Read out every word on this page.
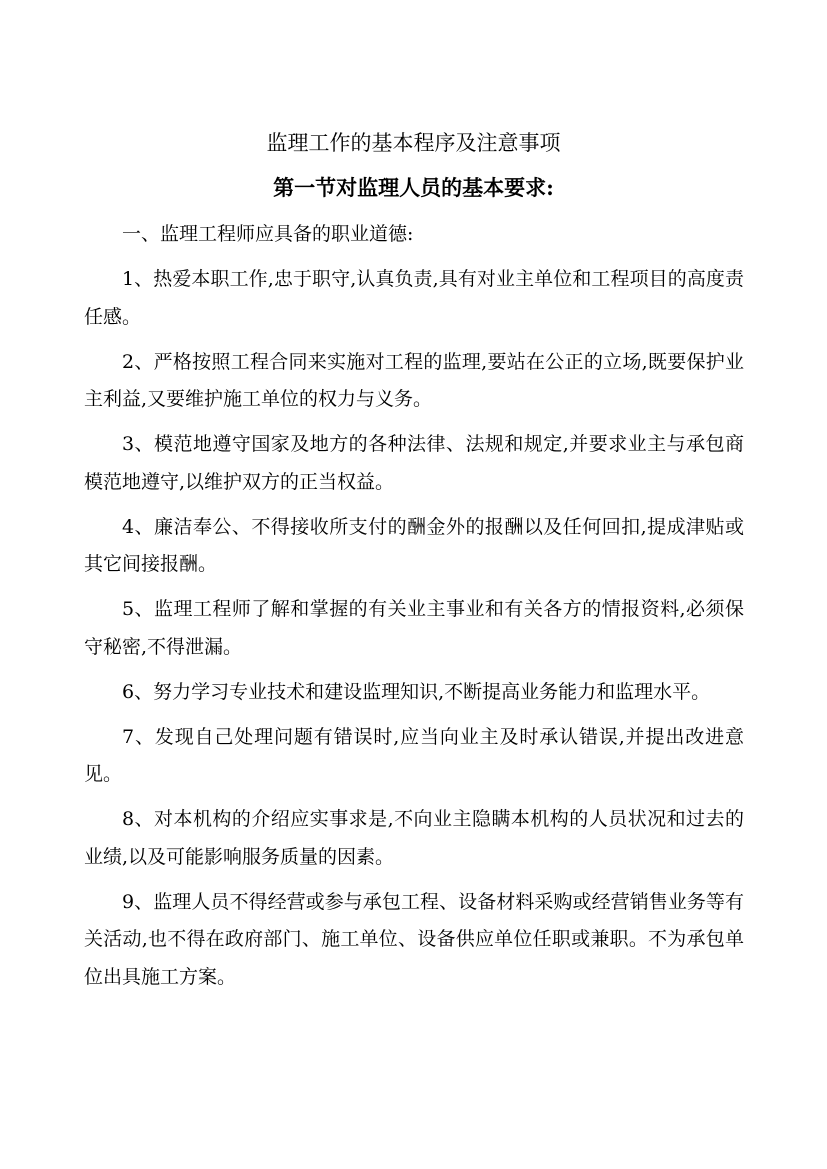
监理工作的基本程序及注意事项
第一节对监理人员的基本要求:

一、监理工程师应具备的职业道德:

1、热爱本职工作,忠于职守,认真负责,具有对业主单位和工程项目的高度责任感。

2、严格按照工程合同来实施对工程的监理,要站在公正的立场,既要保护业主利益,又要维护施工单位的权力与义务。

3、模范地遵守国家及地方的各种法律、法规和规定,并要求业主与承包商模范地遵守,以维护双方的正当权益。

4、廉洁奉公、不得接收所支付的酬金外的报酬以及任何回扣,提成津贴或其它间接报酬。

5、监理工程师了解和掌握的有关业主事业和有关各方的情报资料,必须保守秘密,不得泄漏。

6、努力学习专业技术和建设监理知识,不断提高业务能力和监理水平。

7、发现自己处理问题有错误时,应当向业主及时承认错误,并提出改进意见。

8、对本机构的介绍应实事求是,不向业主隐瞒本机构的人员状况和过去的业绩,以及可能影响服务质量的因素。

9、监理人员不得经营或参与承包工程、设备材料采购或经营销售业务等有关活动,也不得在政府部门、施工单位、设备供应单位任职或兼职。不为承包单位出具施工方案。
